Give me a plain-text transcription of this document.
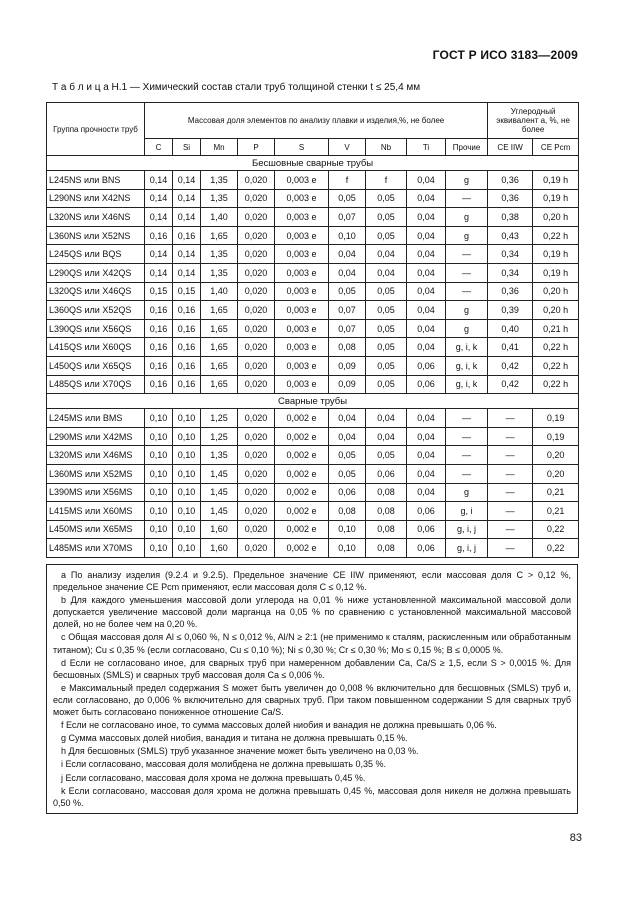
ГОСТ Р ИСО 3183—2009
Т а б л и ц а Н.1 — Химический состав стали труб толщиной стенки t ≤ 25,4 мм
Группа прочности труб	Массовая доля элементов по анализу плавки и изделия,%, не более									Углеродный эквивалент а, %, не более	
	C	Si	Mn	P	S	V	Nb	Ti	Прочие	CE IIW	CE Pcm
Бесшовные сварные трубы											
L245NS или BNS	0,14	0,14	1,35	0,020	0,003 e	f	f	0,04	g	0,36	0,19 h
L290NS или X42NS	0,14	0,14	1,35	0,020	0,003 e	0,05	0,05	0,04	—	0,36	0,19 h
L320NS или X46NS	0,14	0,14	1,40	0,020	0,003 e	0,07	0,05	0,04	g	0,38	0,20 h
L360NS или X52NS	0,16	0,16	1,65	0,020	0,003 e	0,10	0,05	0,04	g	0,43	0,22 h
L245QS или BQS	0,14	0,14	1,35	0,020	0,003 e	0,04	0,04	0,04	—	0,34	0,19 h
L290QS или X42QS	0,14	0,14	1,35	0,020	0,003 e	0,04	0,04	0,04	—	0,34	0,19 h
L320QS или X46QS	0,15	0,15	1,40	0,020	0,003 e	0,05	0,05	0,04	—	0,36	0,20 h
L360QS или X52QS	0,16	0,16	1,65	0,020	0,003 e	0,07	0,05	0,04	g	0,39	0,20 h
L390QS или X56QS	0,16	0,16	1,65	0,020	0,003 e	0,07	0,05	0,04	g	0,40	0,21 h
L415QS или X60QS	0,16	0,16	1,65	0,020	0,003 e	0,08	0,05	0,04	g, i, k	0,41	0,22 h
L450QS или X65QS	0,16	0,16	1,65	0,020	0,003 e	0,09	0,05	0,06	g, i, k	0,42	0,22 h
L485QS или X70QS	0,16	0,16	1,65	0,020	0,003 e	0,09	0,05	0,06	g, i, k	0,42	0,22 h
Сварные трубы											
L245MS или BMS	0,10	0,10	1,25	0,020	0,002 e	0,04	0,04	0,04	—	—	0,19
L290MS или X42MS	0,10	0,10	1,25	0,020	0,002 e	0,04	0,04	0,04	—	—	0,19
L320MS или X46MS	0,10	0,10	1,35	0,020	0,002 e	0,05	0,05	0,04	—	—	0,20
L360MS или X52MS	0,10	0,10	1,45	0,020	0,002 e	0,05	0,06	0,04	—	—	0,20
L390MS или X56MS	0,10	0,10	1,45	0,020	0,002 e	0,06	0,08	0,04	g	—	0,21
L415MS или X60MS	0,10	0,10	1,45	0,020	0,002 e	0,08	0,08	0,06	g, i	—	0,21
L450MS или X65MS	0,10	0,10	1,60	0,020	0,002 e	0,10	0,08	0,06	g, i, j	—	0,22
L485MS или X70MS	0,10	0,10	1,60	0,020	0,002 e	0,10	0,08	0,06	g, i, j	—	0,22

a По анализу изделия (9.2.4 и 9.2.5). Предельное значение CE IIW применяют, если массовая доля C > 0,12 %, предельное значение CE Pcm применяют, если массовая доля C ≤ 0,12 %.

b Для каждого уменьшения массовой доли углерода на 0,01 % ниже установленной максимальной массовой доли допускается увеличение массовой доли марганца на 0,05 % по сравнению с установленной максимальной массовой долей, но не более чем на 0,20 %.

c Общая массовая доля Al ≤ 0,060 %, N ≤ 0,012 %, Al/N ≥ 2:1 (не применимо к сталям, раскисленным или обработанным титаном); Cu ≤ 0,35 % (если согласовано, Cu ≤ 0,10 %); Ni ≤ 0,30 %; Cr ≤ 0,30 %; Mo ≤ 0,15 %; B ≤ 0,0005 %.

d Если не согласовано иное, для сварных труб при намеренном добавлении Ca, Ca/S ≥ 1,5, если S > 0,0015 %. Для бесшовных (SMLS) и сварных труб массовая доля Ca ≤ 0,006 %.

e Максимальный предел содержания S может быть увеличен до 0,008 % включительно для бесшовных (SMLS) труб и, если согласовано, до 0,006 % включительно для сварных труб. При таком повышенном содержании S для сварных труб может быть согласовано пониженное отношение Ca/S.

f Если не согласовано иное, то сумма массовых долей ниобия и ванадия не должна превышать 0,06 %.

g Сумма массовых долей ниобия, ванадия и титана не должна превышать 0,15 %.

h Для бесшовных (SMLS) труб указанное значение может быть увеличено на 0,03 %.

i Если согласовано, массовая доля молибдена не должна превышать 0,35 %.

j Если согласовано, массовая доля хрома не должна превышать 0,45 %.

k Если согласовано, массовая доля хрома не должна превышать 0,45 %, массовая доля никеля не должна превышать 0,50 %.

83
